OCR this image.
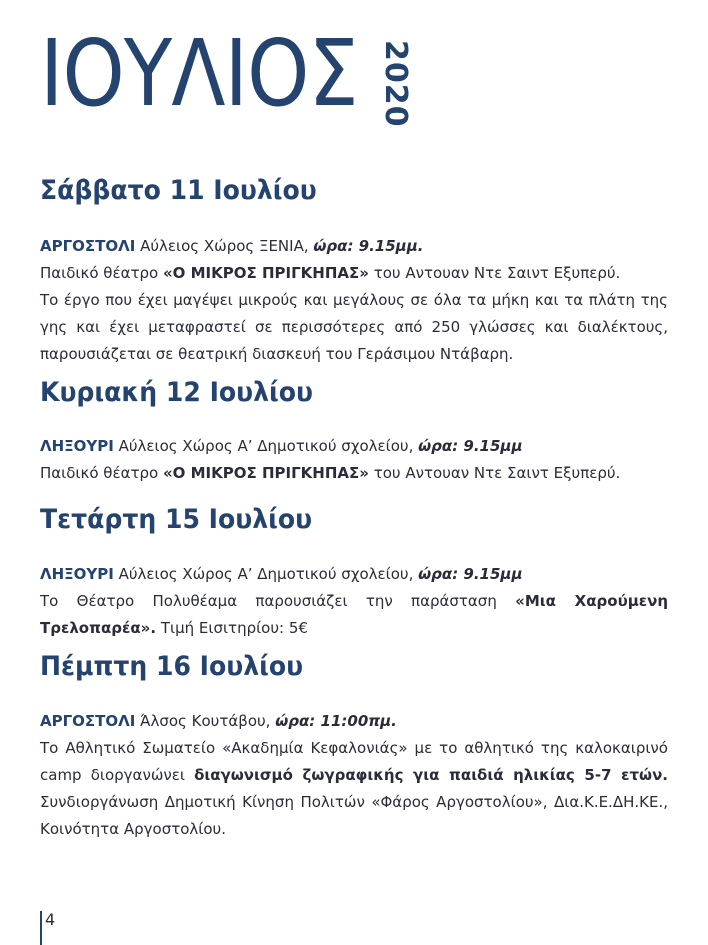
ΙΟΥΛΙΟΣ 2020
Σάββατο 11 Ιουλίου

ΑΡΓΟΣΤΟΛΙ Αύλειος Χώρος ΞΕΝΙΑ, ώρα: 9.15μμ.

Παιδικό θέατρο «Ο ΜΙΚΡΟΣ ΠΡΙΓΚΗΠΑΣ» του Αντουαν Ντε Σαιντ Εξυπερύ.

Το έργο που έχει μαγέψει μικρούς και μεγάλους σε όλα τα μήκη και τα πλάτη της γης και έχει μεταφραστεί σε περισσότερες από 250 γλώσσες και διαλέκτους, παρουσιάζεται σε θεατρική διασκευή του Γεράσιμου Ντάβαρη.

Κυριακή 12 Ιουλίου

ΛΗΞΟΥΡΙ Αύλειος Χώρος Α’ Δημοτικού σχολείου, ώρα: 9.15μμ

Παιδικό θέατρο «Ο ΜΙΚΡΟΣ ΠΡΙΓΚΗΠΑΣ» του Αντουαν Ντε Σαιντ Εξυπερύ.

Τετάρτη 15 Ιουλίου

ΛΗΞΟΥΡΙ Αύλειος Χώρος Α’ Δημοτικού σχολείου, ώρα: 9.15μμ

Το Θέατρο Πολυθέαμα παρουσιάζει την παράσταση «Μια Χαρούμενη Τρελοπαρέα». Τιμή Εισιτηρίου: 5€

Πέμπτη 16 Ιουλίου

ΑΡΓΟΣΤΟΛΙ Άλσος Κουτάβου, ώρα: 11:00πμ.

Το Αθλητικό Σωματείο «Ακαδημία Κεφαλονιάς» με το αθλητικό της καλοκαιρινό camp διοργανώνει διαγωνισμό ζωγραφικής για παιδιά ηλικίας 5-7 ετών. Συνδιοργάνωση Δημοτική Κίνηση Πολιτών «Φάρος Αργοστολίου», Δια.Κ.Ε.ΔΗ.ΚΕ., Κοινότητα Αργοστολίου.

4
